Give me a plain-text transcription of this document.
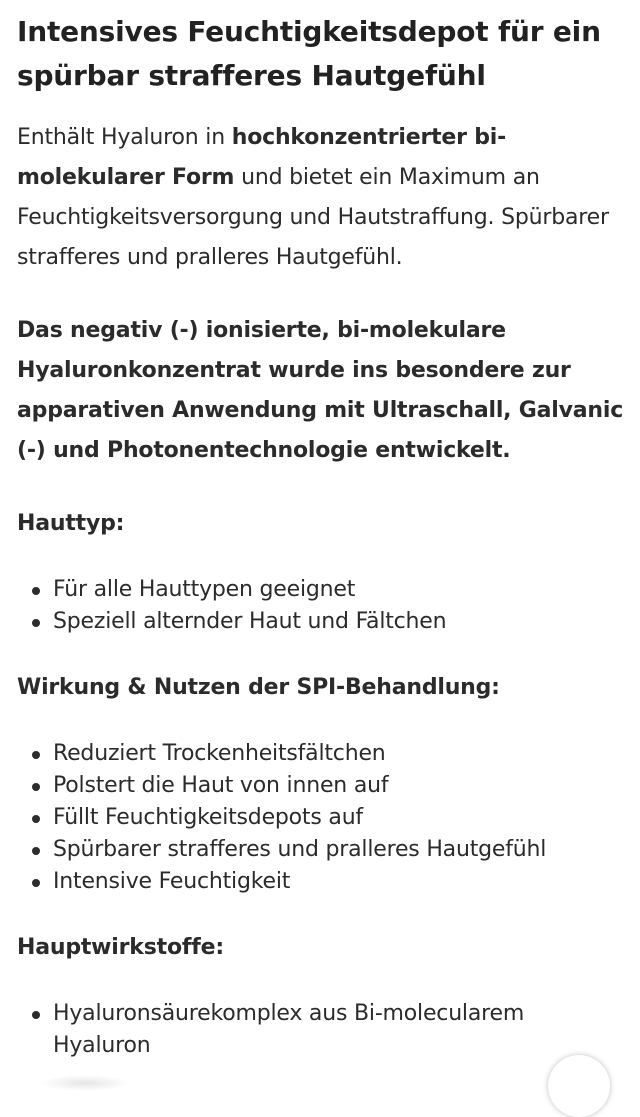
Intensives Feuchtigkeitsdepot für ein spürbar strafferes Hautgefühl

Enthält Hyaluron in hochkonzentrierter bi-molekularer Form und bietet ein Maximum an Feuchtigkeitsversorgung und Hautstraffung. Spürbarer strafferes und pralleres Hautgefühl.

Das negativ (-) ionisierte, bi-molekulare Hyaluronkonzentrat wurde ins besondere zur apparativen Anwendung mit Ultraschall, Galvanic (-) und Photonentechnologie entwickelt.

Hauttyp:

Für alle Hauttypen geeignet
Speziell alternder Haut und Fältchen

Wirkung & Nutzen der SPI-Behandlung:

Reduziert Trockenheitsfältchen
Polstert die Haut von innen auf
Füllt Feuchtigkeitsdepots auf
Spürbarer strafferes und pralleres Hautgefühl
Intensive Feuchtigkeit

Hauptwirkstoffe:

Hyaluronsäurekomplex aus Bi-molecularem Hyaluron
